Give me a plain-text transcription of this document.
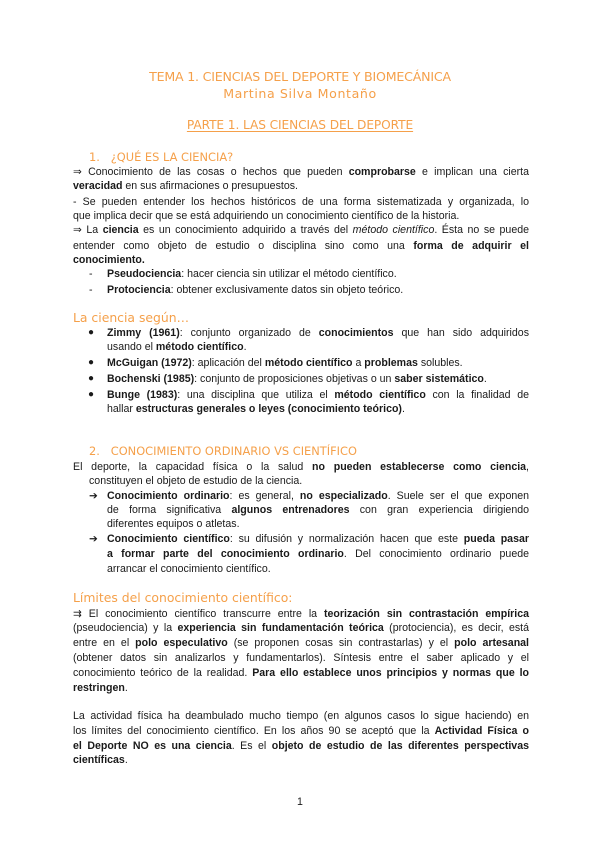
TEMA 1. CIENCIAS DEL DEPORTE Y BIOMECÁNICA
Martina Silva Montaño
PARTE 1. LAS CIENCIAS DEL DEPORTE
1. ¿QUÉ ES LA CIENCIA?
⇒ Conocimiento de las cosas o hechos que pueden comprobarse e implican una cierta
veracidad en sus afirmaciones o presupuestos.
- Se pueden entender los hechos históricos de una forma sistematizada y organizada, lo
que implica decir que se está adquiriendo un conocimiento científico de la historia.
⇒ La ciencia es un conocimiento adquirido a través del método científico. Ésta no se puede
entender como objeto de estudio o disciplina sino como una forma de adquirir el
conocimiento.
- Pseudociencia: hacer ciencia sin utilizar el método científico.
- Protociencia: obtener exclusivamente datos sin objeto teórico.
La ciencia según…
● Zimmy (1961): conjunto organizado de conocimientos que han sido adquiridos
usando el método científico.
● McGuigan (1972): aplicación del método científico a problemas solubles.
● Bochenski (1985): conjunto de proposiciones objetivas o un saber sistemático.
● Bunge (1983): una disciplina que utiliza el método científico con la finalidad de
hallar estructuras generales o leyes (conocimiento teórico).
2. CONOCIMIENTO ORDINARIO VS CIENTÍFICO
El deporte, la capacidad física o la salud no pueden establecerse como ciencia,
constituyen el objeto de estudio de la ciencia.
➔ Conocimiento ordinario: es general, no especializado. Suele ser el que exponen
de forma significativa algunos entrenadores con gran experiencia dirigiendo
diferentes equipos o atletas.
➔ Conocimiento científico: su difusión y normalización hacen que este pueda pasar
a formar parte del conocimiento ordinario. Del conocimiento ordinario puede
arrancar el conocimiento científico.
Límites del conocimiento científico:
⇉ El conocimiento científico transcurre entre la teorización sin contrastación empírica
(pseudociencia) y la experiencia sin fundamentación teórica (protociencia), es decir, está
entre en el polo especulativo (se proponen cosas sin contrastarlas) y el polo artesanal
(obtener datos sin analizarlos y fundamentarlos). Síntesis entre el saber aplicado y el
conocimiento teórico de la realidad. Para ello establece unos principios y normas que lo
restringen.
La actividad física ha deambulado mucho tiempo (en algunos casos lo sigue haciendo) en
los límites del conocimiento científico. En los años 90 se aceptó que la Actividad Física o
el Deporte NO es una ciencia. Es el objeto de estudio de las diferentes perspectivas
científicas.
1
